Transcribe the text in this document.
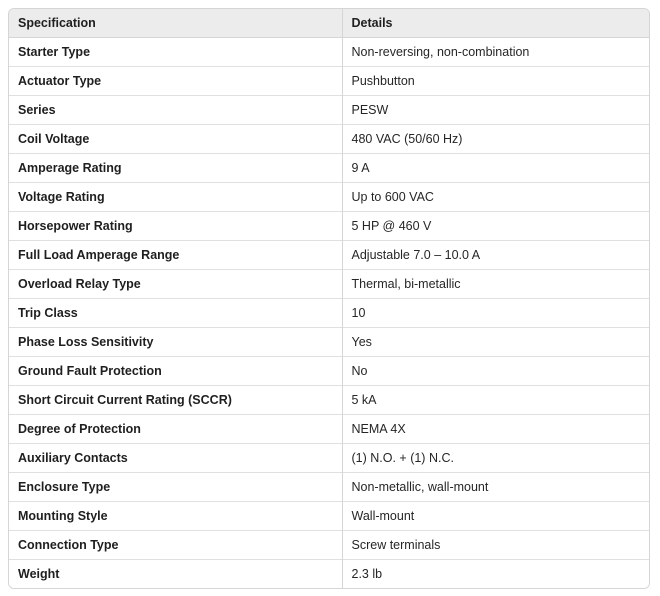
Specification	Details
Starter Type	Non-reversing, non-combination
Actuator Type	Pushbutton
Series	PESW
Coil Voltage	480 VAC (50/60 Hz)
Amperage Rating	9 A
Voltage Rating	Up to 600 VAC
Horsepower Rating	5 HP @ 460 V
Full Load Amperage Range	Adjustable 7.0 – 10.0 A
Overload Relay Type	Thermal, bi-metallic
Trip Class	10
Phase Loss Sensitivity	Yes
Ground Fault Protection	No
Short Circuit Current Rating (SCCR)	5 kA
Degree of Protection	NEMA 4X
Auxiliary Contacts	(1) N.O. + (1) N.C.
Enclosure Type	Non-metallic, wall-mount
Mounting Style	Wall-mount
Connection Type	Screw terminals
Weight	2.3 lb
